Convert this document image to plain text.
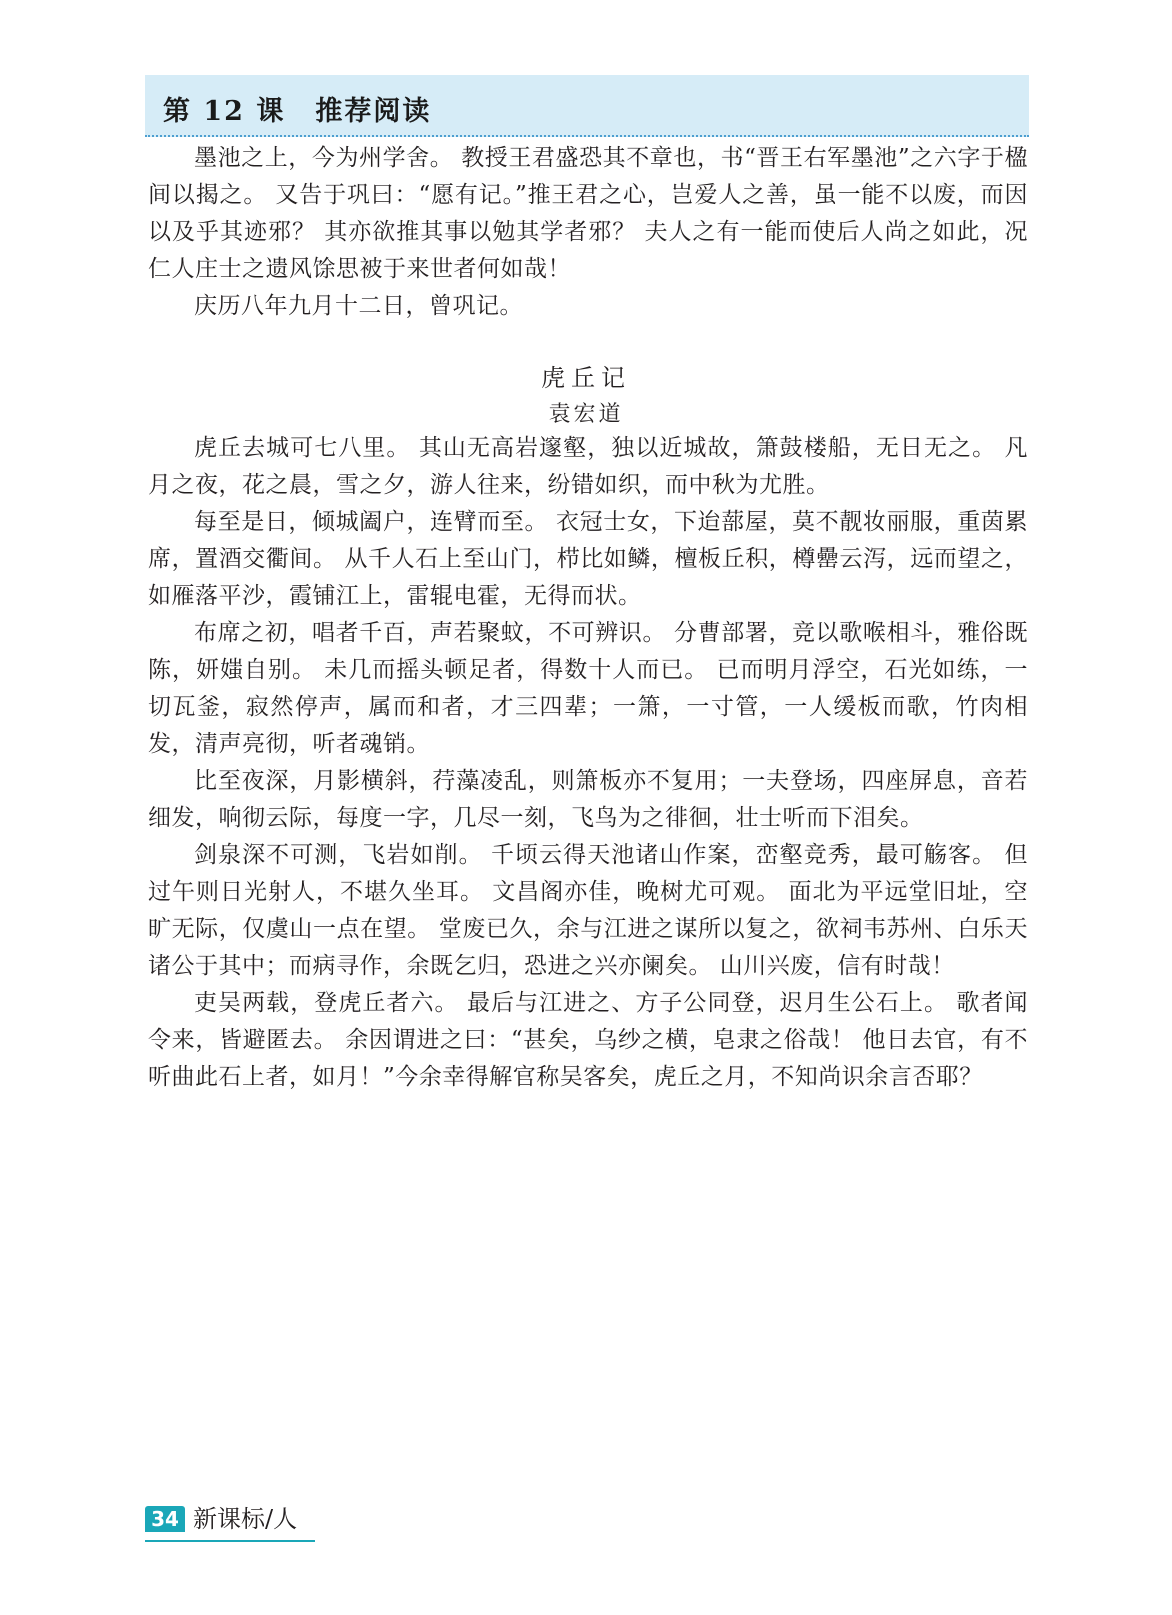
第 12 课 推荐阅读

墨池之上，今为州学舍。 教授王君盛恐其不章也，书“晋王右军墨池”之六字于楹间以揭之。 又告于巩曰：“愿有记。”推王君之心，岂爱人之善，虽一能不以废，而因以及乎其迹邪？ 其亦欲推其事以勉其学者邪？ 夫人之有一能而使后人尚之如此，况仁人庄士之遗风馀思被于来世者何如哉！

庆历八年九月十二日，曾巩记。

虎丘记
袁宏道

虎丘去城可七八里。 其山无高岩邃壑，独以近城故，箫鼓楼船，无日无之。 凡月之夜，花之晨，雪之夕，游人往来，纷错如织，而中秋为尤胜。

每至是日，倾城阖户，连臂而至。 衣冠士女，下迨蔀屋，莫不靓妆丽服，重茵累席，置酒交衢间。 从千人石上至山门，栉比如鳞，檀板丘积，樽罍云泻，远而望之，如雁落平沙，霞铺江上，雷辊电霍，无得而状。

布席之初，唱者千百，声若聚蚊，不可辨识。 分曹部署，竞以歌喉相斗，雅俗既陈，妍媸自别。 未几而摇头顿足者，得数十人而已。 已而明月浮空，石光如练，一切瓦釜，寂然停声，属而和者，才三四辈；一箫，一寸管，一人缓板而歌，竹肉相发，清声亮彻，听者魂销。

比至夜深，月影横斜，荇藻凌乱，则箫板亦不复用；一夫登场，四座屏息，音若细发，响彻云际，每度一字，几尽一刻，飞鸟为之徘徊，壮士听而下泪矣。

剑泉深不可测，飞岩如削。 千顷云得天池诸山作案，峦壑竞秀，最可觞客。 但过午则日光射人，不堪久坐耳。 文昌阁亦佳，晚树尤可观。 面北为平远堂旧址，空旷无际，仅虞山一点在望。 堂废已久，余与江进之谋所以复之，欲祠韦苏州、白乐天诸公于其中；而病寻作，余既乞归，恐进之兴亦阑矣。 山川兴废，信有时哉！

吏吴两载，登虎丘者六。 最后与江进之、方子公同登，迟月生公石上。 歌者闻令来，皆避匿去。 余因谓进之曰：“甚矣，乌纱之横，皂隶之俗哉！ 他日去官，有不听曲此石上者，如月！”今余幸得解官称吴客矣，虎丘之月，不知尚识余言否耶？

34 新课标/人
